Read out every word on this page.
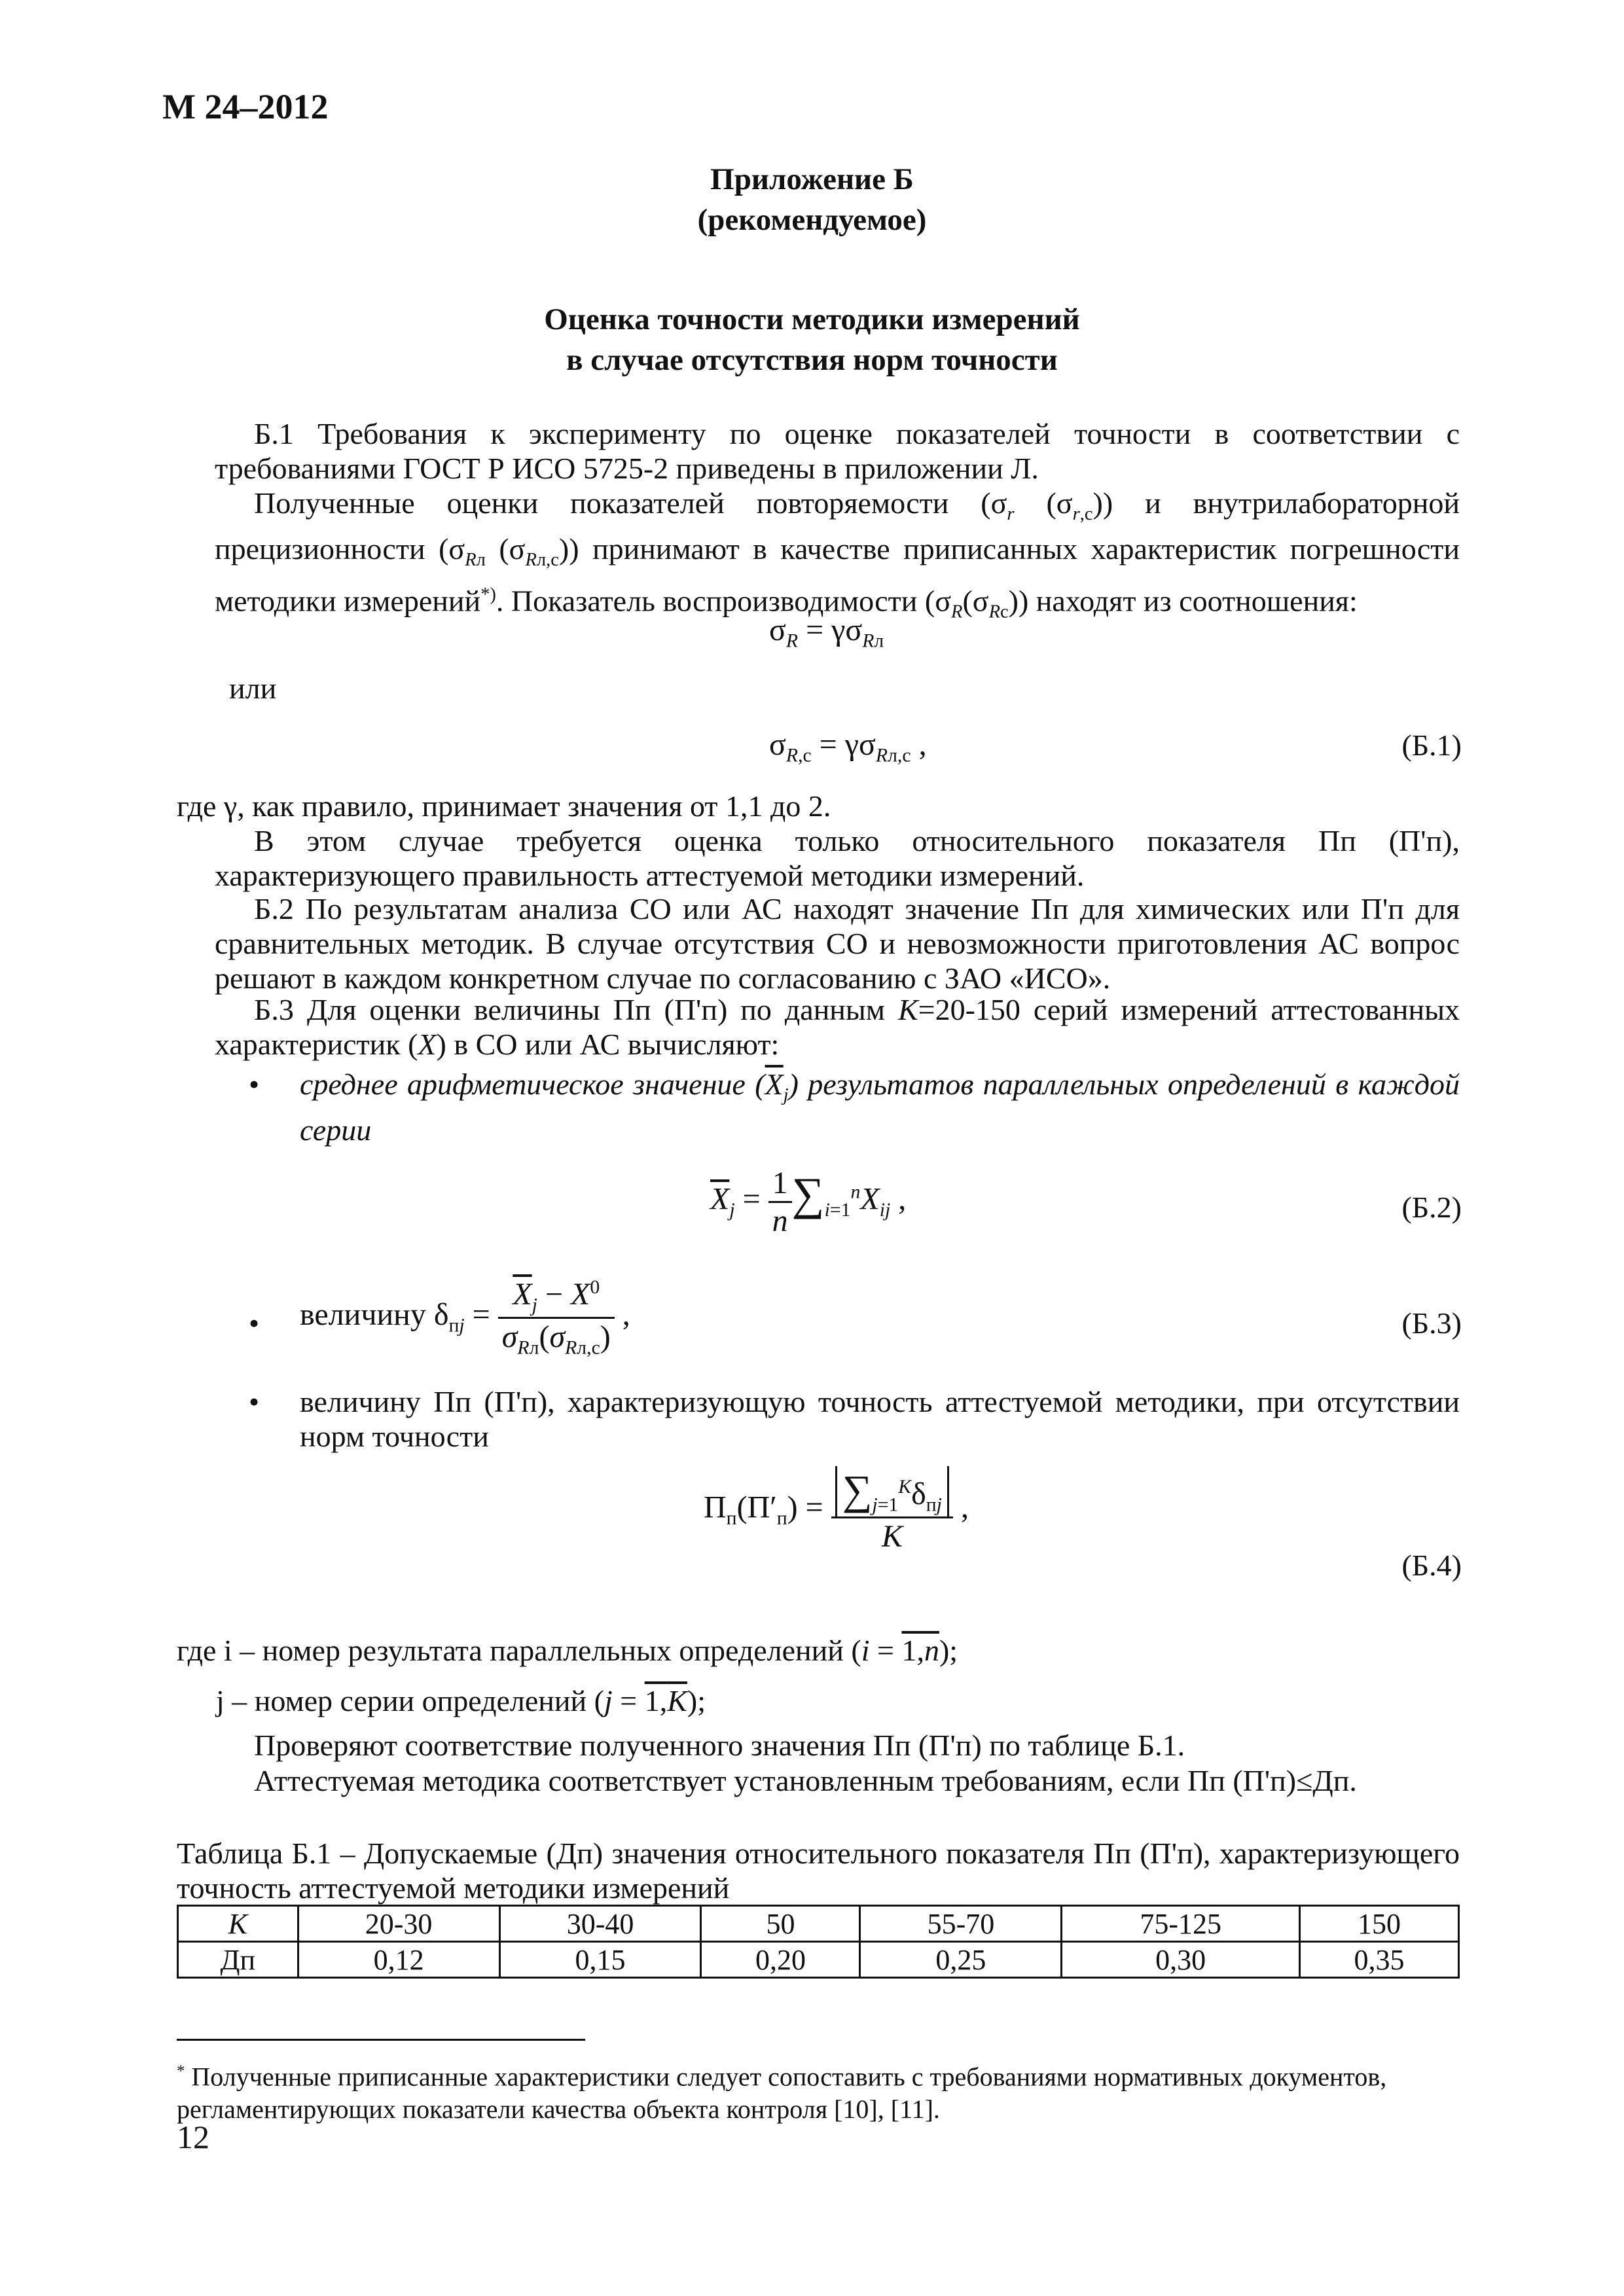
М 24–2012
Приложение Б
(рекомендуемое)
Оценка точности методики измерений
в случае отсутствия норм точности

Б.1 Требования к эксперименту по оценке показателей точности в соответствии с требованиями ГОСТ Р ИСО 5725-2 приведены в приложении Л.

Полученные оценки показателей повторяемости ($\sigma_r$ $(\sigma_{r,c})$) и внутрилабораторной прецизионности ($\sigma_{Rл}$ $(\sigma_{Rл,c})$) принимают в качестве приписанных характеристик погрешности методики измерений*). Показатель воспроизводимости $(\sigma_R(\sigma_{Rc}))$ находят из соотношения:

$\sigma_R = \gamma\sigma_{Rл}$
или
$\sigma_{R,c} = \gamma\sigma_{Rл,c}$ ,	(Б.1)
где γ, как правило, принимает значения от 1,1 до 2.

В этом случае требуется оценка только относительного показателя Пп (П'п), характеризующего правильность аттестуемой методики измерений.

Б.2 По результатам анализа СО или АС находят значение Пп для химических или П'п для сравнительных методик. В случае отсутствия СО и невозможности приготовления АС вопрос решают в каждом конкретном случае по согласованию с ЗАО «ИСО».

Б.3 Для оценки величины Пп (П'п) по данным K=20-150 серий измерений аттестованных характеристик (X) в СО или АС вычисляют:

• среднее арифметическое значение $(\overline{X}_j)$ результатов параллельных определений в каждой серии

$\overline{X}_j = \frac{1}{n} \sum_{i=1}^nX_{ij}$ ,	(Б.2)
• величину $\delta_{пj} = \frac{\overline{X}_j - X^0}{\sigma_{Rл}(\sigma_{Rл,c})}$ ,	(Б.3)
• величину Пп (П'п), характеризующую точность аттестуемой методики, при отсутствии норм точности

$П_п(П'_п) = \frac{\sum_{j=1}^K\delta_{пj}}{K}$ ,
(Б.4)
где i – номер результата параллельных определений (i = 1,n);
j – номер серии определений (j = 1,K);
Проверяют соответствие полученного значения Пп (П'п) по таблице Б.1.
Аттестуемая методика соответствует установленным требованиям, если Пп (П'п)≤Дп.

Таблица Б.1 – Допускаемые (Дп) значения относительного показателя Пп (П'п), характеризующего точность аттестуемой методики измерений

K	20-30	30-40	50	55-70	75-125	150
Дп	0,12	0,15	0,20	0,25	0,30	0,35
* Полученные приписанные характеристики следует сопоставить с требованиями нормативных документов, регламентирующих показатели качества объекта контроля [10], [11].
12
